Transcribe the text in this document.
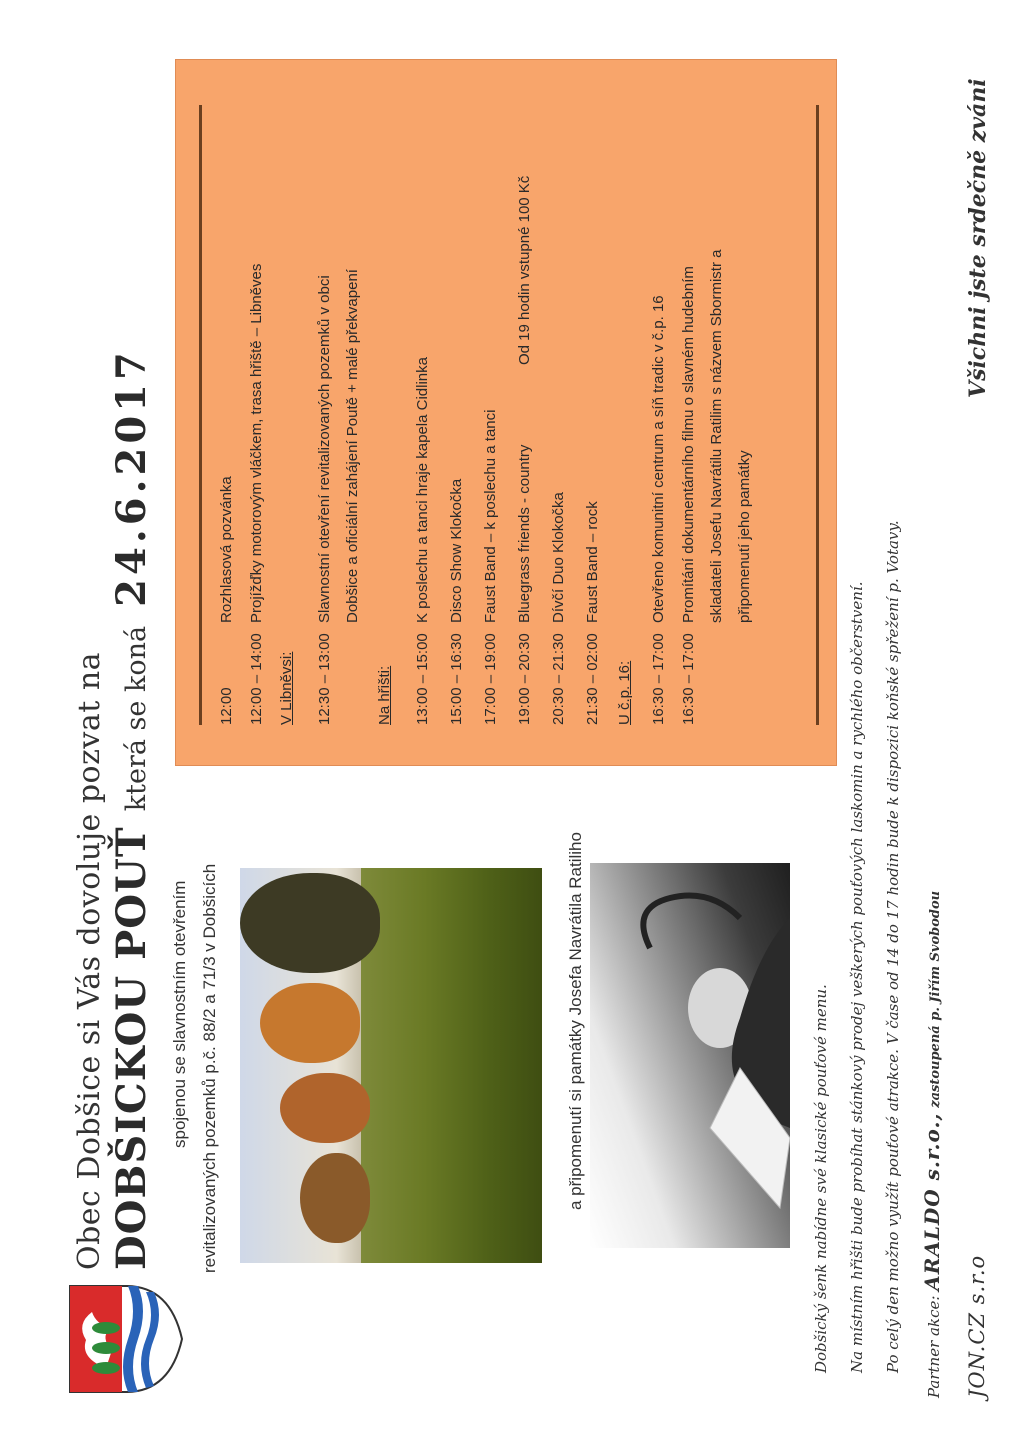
Obec Dobšice si Vás dovoluje pozvat na DOBŠICKOU POUŤ která se koná 24.6.2017
spojenou se slavnostním otevřením revitalizovaných pozemků p.č. 88/2 a 71/3 v Dobšicích	a připomenutí si památky Josefa Navrátila Ratiliho
12:00
Rozhlasová pozvánka
12:00 – 14:00
Projížďky motorovým vláčkem, trasa hřiště – Libněves
V Libněvsi: 12:30 – 13:00
Slavnostní otevření revitalizovaných pozemků v obci Dobšice a oficiální zahájení Poutě + malé překvapení
Na hřišti: 13:00 – 15:00
K poslechu a tanci hraje kapela Cidlinka
15:00 – 16:30
Disco Show Klokočka
17:00 – 19:00
Faust Band – k poslechu a tanci
19:00 – 20:30
Bluegrass friends - country
Od 19 hodin vstupné 100 Kč
20:30 – 21:30
Dívčí Duo Klokočka
21:30 – 02:00
Faust Band – rock
U č.p. 16: 16:30 – 17:00
Otevřeno komunitní centrum a síň tradic v č.p. 16
16:30 – 17:00
Promítání dokumentárního filmu o slavném hudebním skladateli Josefu Navrátilu Ratilim s názvem Sbormistr a připomenutí jeho památky
Dobšický šenk nabídne své klasické pouťové menu. Na místním hřišti bude probíhat stánkový prodej veškerých pouťových laskomin a rychlého občerstvení. Po celý den možno využít pouťové atrakce. V čase od 14 do 17 hodin bude k dispozici koňské spřežení p. Votavy.	Partner akce: ARALDO s.r.o., zastoupená p. Jiřím Svobodou
JON.CZ s.r.o
Všichni jste srdečně zváni
